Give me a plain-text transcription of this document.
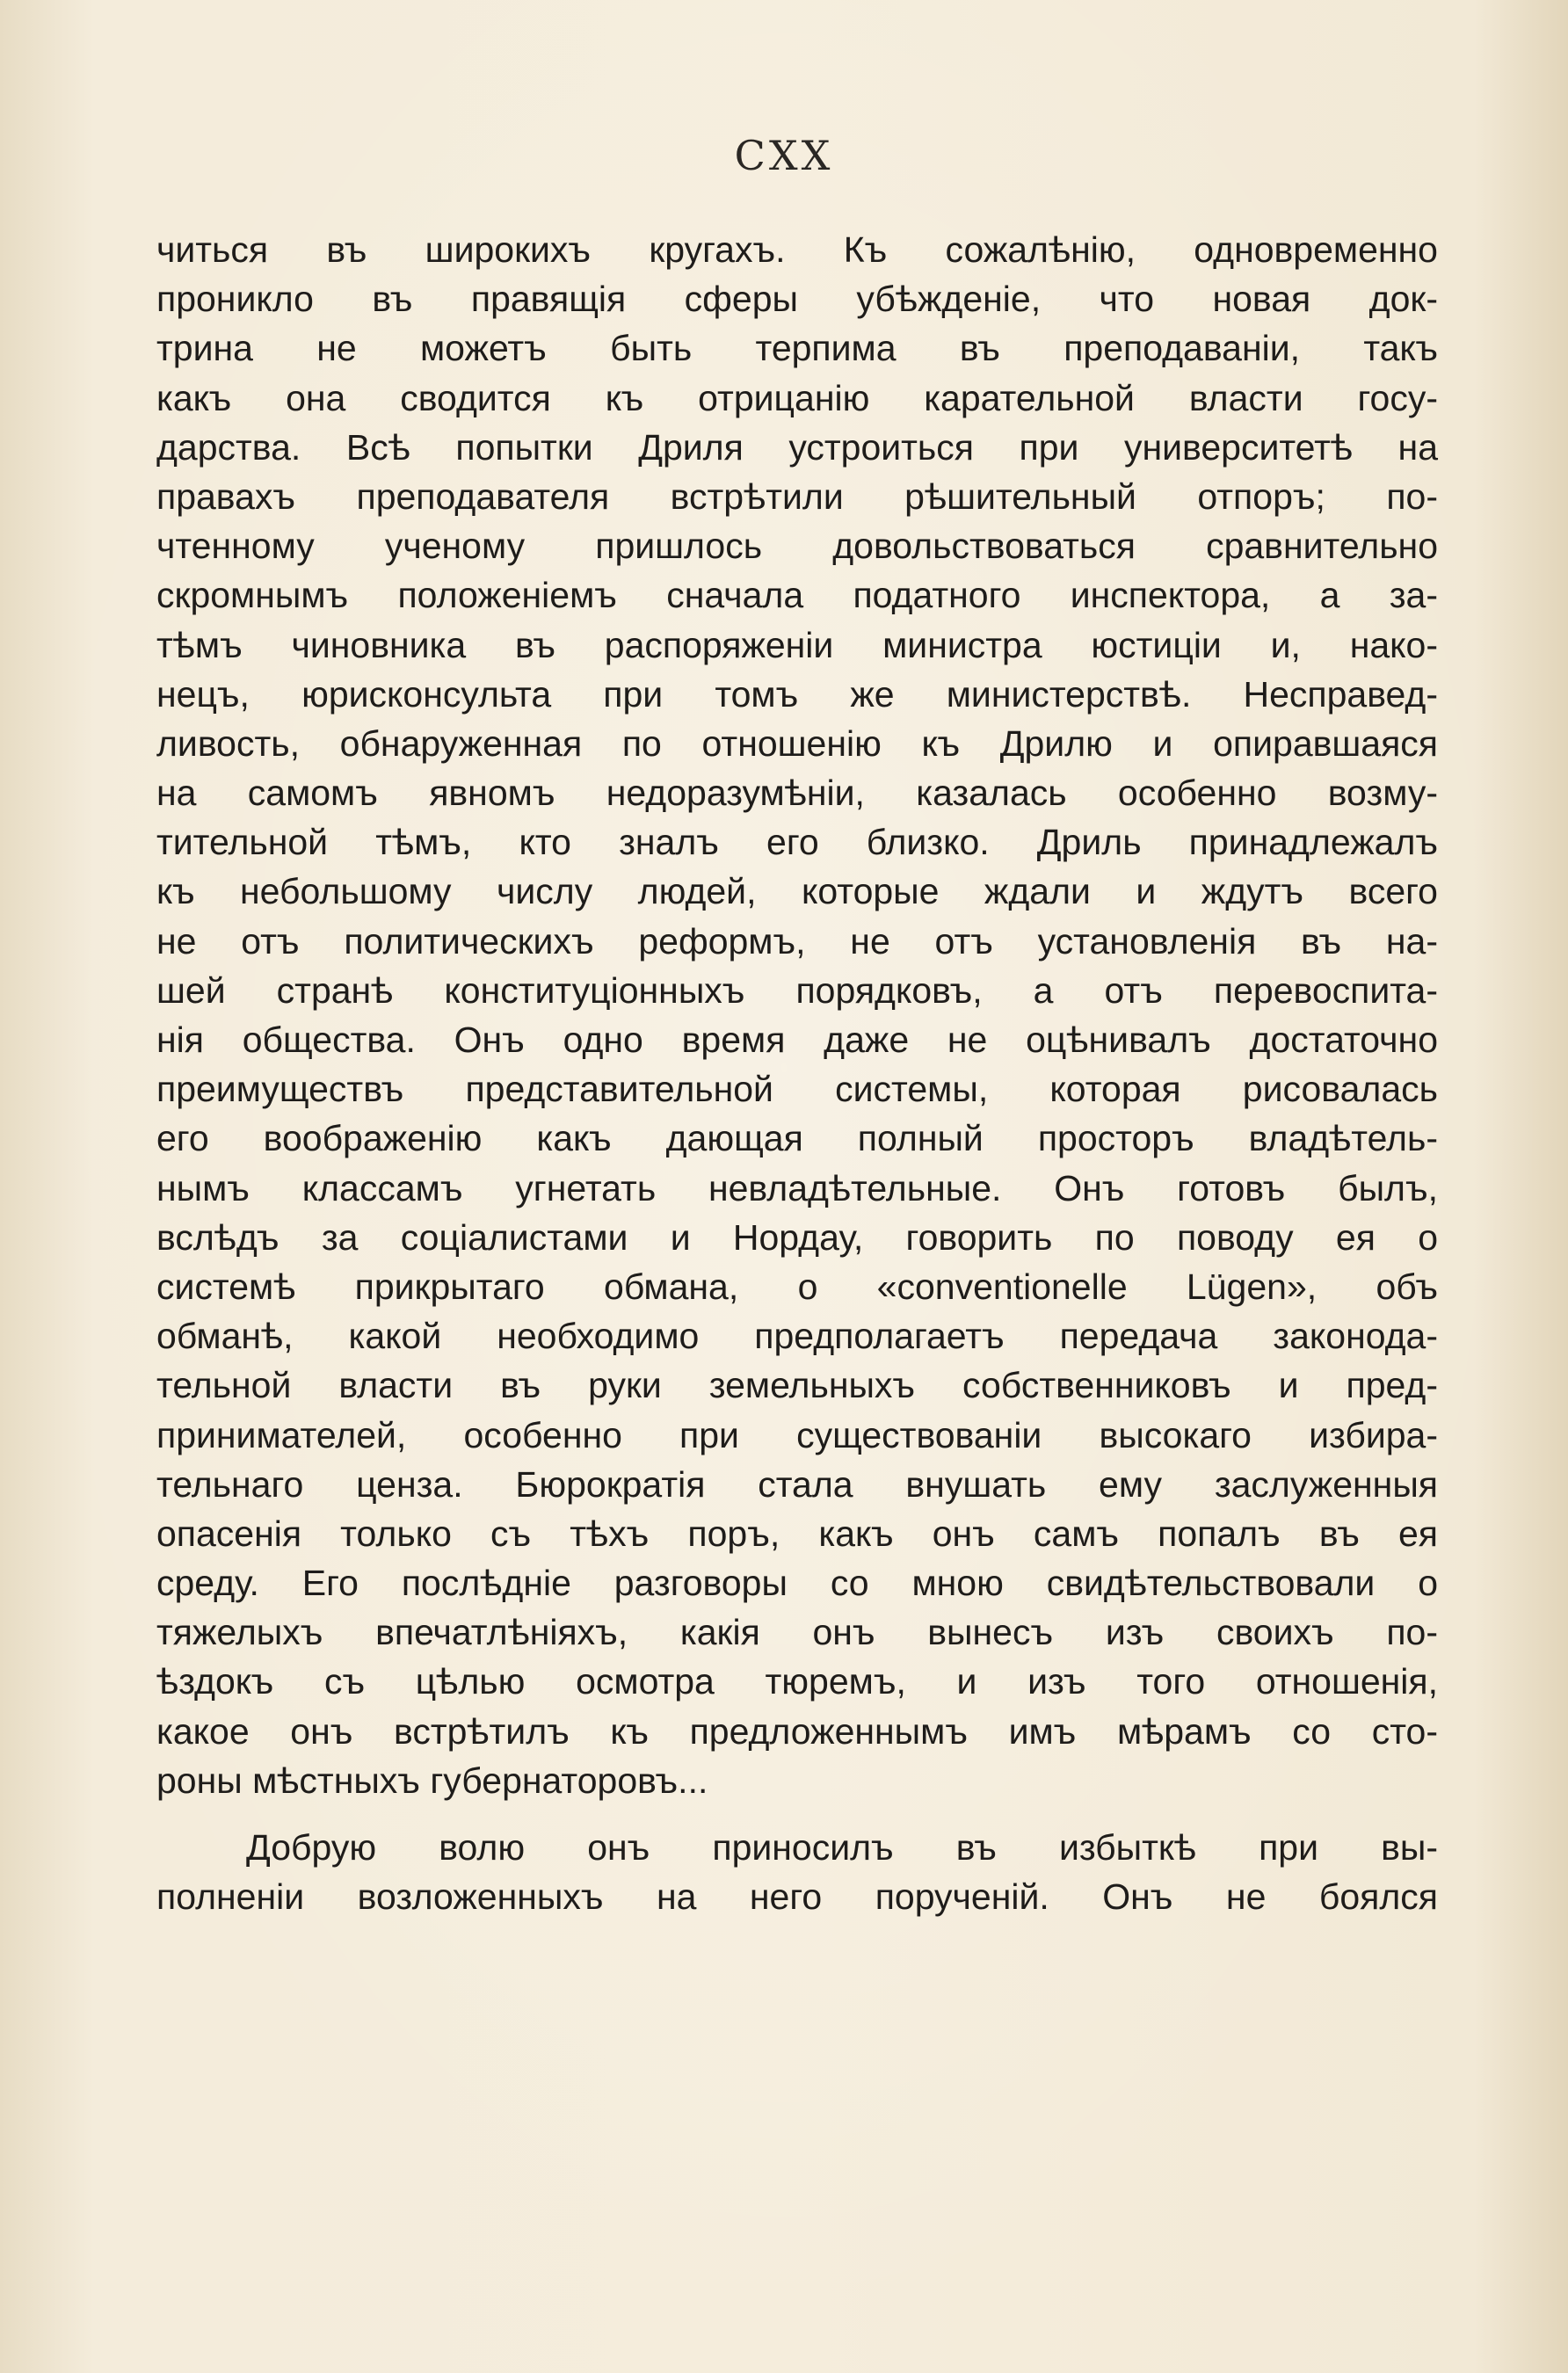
CXX
читься въ широкихъ кругахъ. Къ сожалѣнію, одновременно
проникло въ правящія сферы убѣжденіе, что новая док-
трина не можетъ быть терпима въ преподаваніи, такъ
какъ она сводится къ отрицанію карательной власти госу-
дарства. Всѣ попытки Дриля устроиться при университетѣ на
правахъ преподавателя встрѣтили рѣшительный отпоръ; по-
чтенному ученому пришлось довольствоваться сравнительно
скромнымъ положеніемъ сначала податного инспектора, а за-
тѣмъ чиновника въ распоряженіи министра юстиціи и, нако-
нецъ, юрисконсульта при томъ же министерствѣ. Несправед-
ливость, обнаруженная по отношенію къ Дрилю и опиравшаяся
на самомъ явномъ недоразумѣніи, казалась особенно возму-
тительной тѣмъ, кто зналъ его близко. Дриль принадлежалъ
къ небольшому числу людей, которые ждали и ждутъ всего
не отъ политическихъ реформъ, не отъ установленія въ на-
шей странѣ конституціонныхъ порядковъ, а отъ перевоспита-
нія общества. Онъ одно время даже не оцѣнивалъ достаточно
преимуществъ представительной системы, которая рисовалась
его воображенію какъ дающая полный просторъ владѣтель-
нымъ классамъ угнетать невладѣтельные. Онъ готовъ былъ,
вслѣдъ за соціалистами и Нордау, говорить по поводу ея о
системѣ прикрытаго обмана, о «conventionelle Lügen», объ
обманѣ, какой необходимо предполагаетъ передача законода-
тельной власти въ руки земельныхъ собственниковъ и пред-
принимателей, особенно при существованіи высокаго избира-
тельнаго ценза. Бюрократія стала внушать ему заслуженныя
опасенія только съ тѣхъ поръ, какъ онъ самъ попалъ въ ея
среду. Его послѣдніе разговоры со мною свидѣтельствовали о
тяжелыхъ впечатлѣніяхъ, какія онъ вынесъ изъ своихъ по-
ѣздокъ съ цѣлью осмотра тюремъ, и изъ того отношенія,
какое онъ встрѣтилъ къ предложеннымъ имъ мѣрамъ со сто-
роны мѣстныхъ губернаторовъ...
Добрую волю онъ приносилъ въ избыткѣ при вы-
полненіи возложенныхъ на него порученій. Онъ не боялся
